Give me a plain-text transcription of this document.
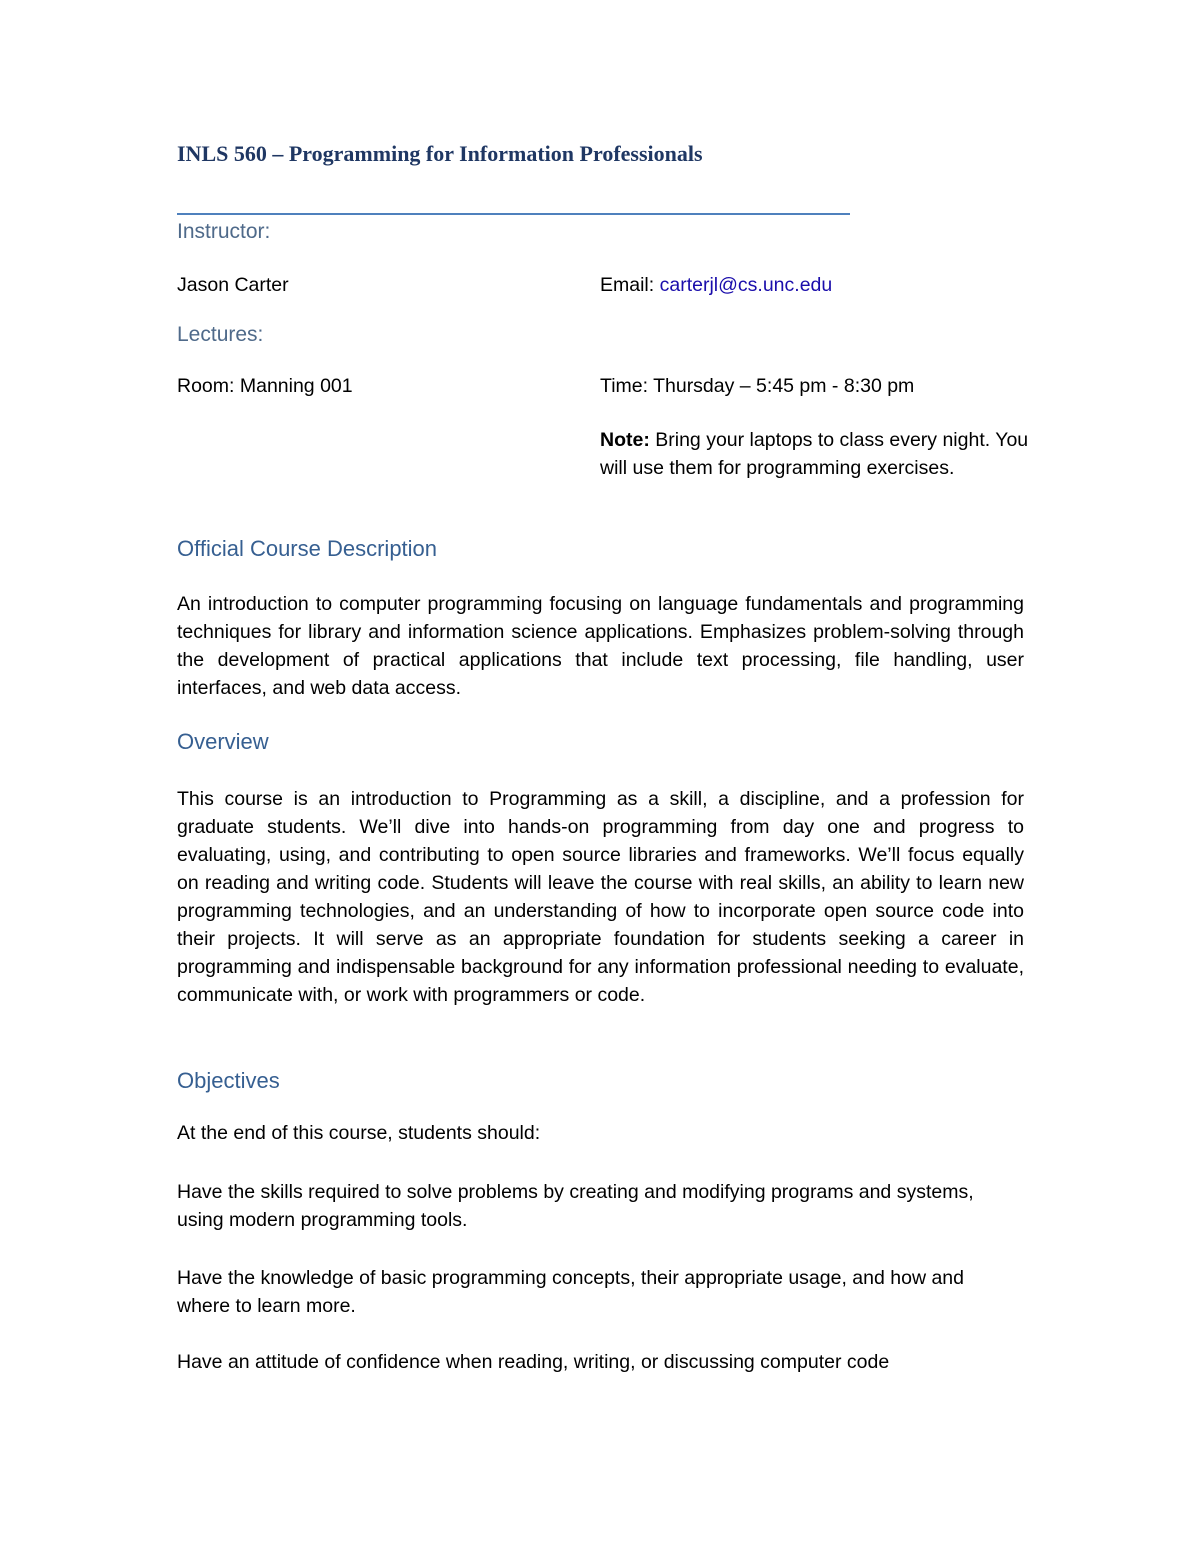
INLS 560 – Programming for Information Professionals
Instructor:
Jason Carter	Email: carterjl@cs.unc.edu
Lectures:
Room: Manning 001	Time: Thursday – 5:45 pm - 8:30 pm
Note: Bring your laptops to class every night. You will use them for programming exercises.
Official Course Description
An introduction to computer programming focusing on language fundamentals and programming techniques for library and information science applications. Emphasizes problem-solving through the development of practical applications that include text processing, file handling, user interfaces, and web data access.
Overview
This course is an introduction to Programming as a skill, a discipline, and a profession for graduate students. We’ll dive into hands-on programming from day one and progress to evaluating, using, and contributing to open source libraries and frameworks. We’ll focus equally on reading and writing code. Students will leave the course with real skills, an ability to learn new programming technologies, and an understanding of how to incorporate open source code into their projects. It will serve as an appropriate foundation for students seeking a career in programming and indispensable background for any information professional needing to evaluate, communicate with, or work with programmers or code.
Objectives
At the end of this course, students should:
Have the skills required to solve problems by creating and modifying programs and systems, using modern programming tools.
Have the knowledge of basic programming concepts, their appropriate usage, and how and where to learn more.
Have an attitude of confidence when reading, writing, or discussing computer code
